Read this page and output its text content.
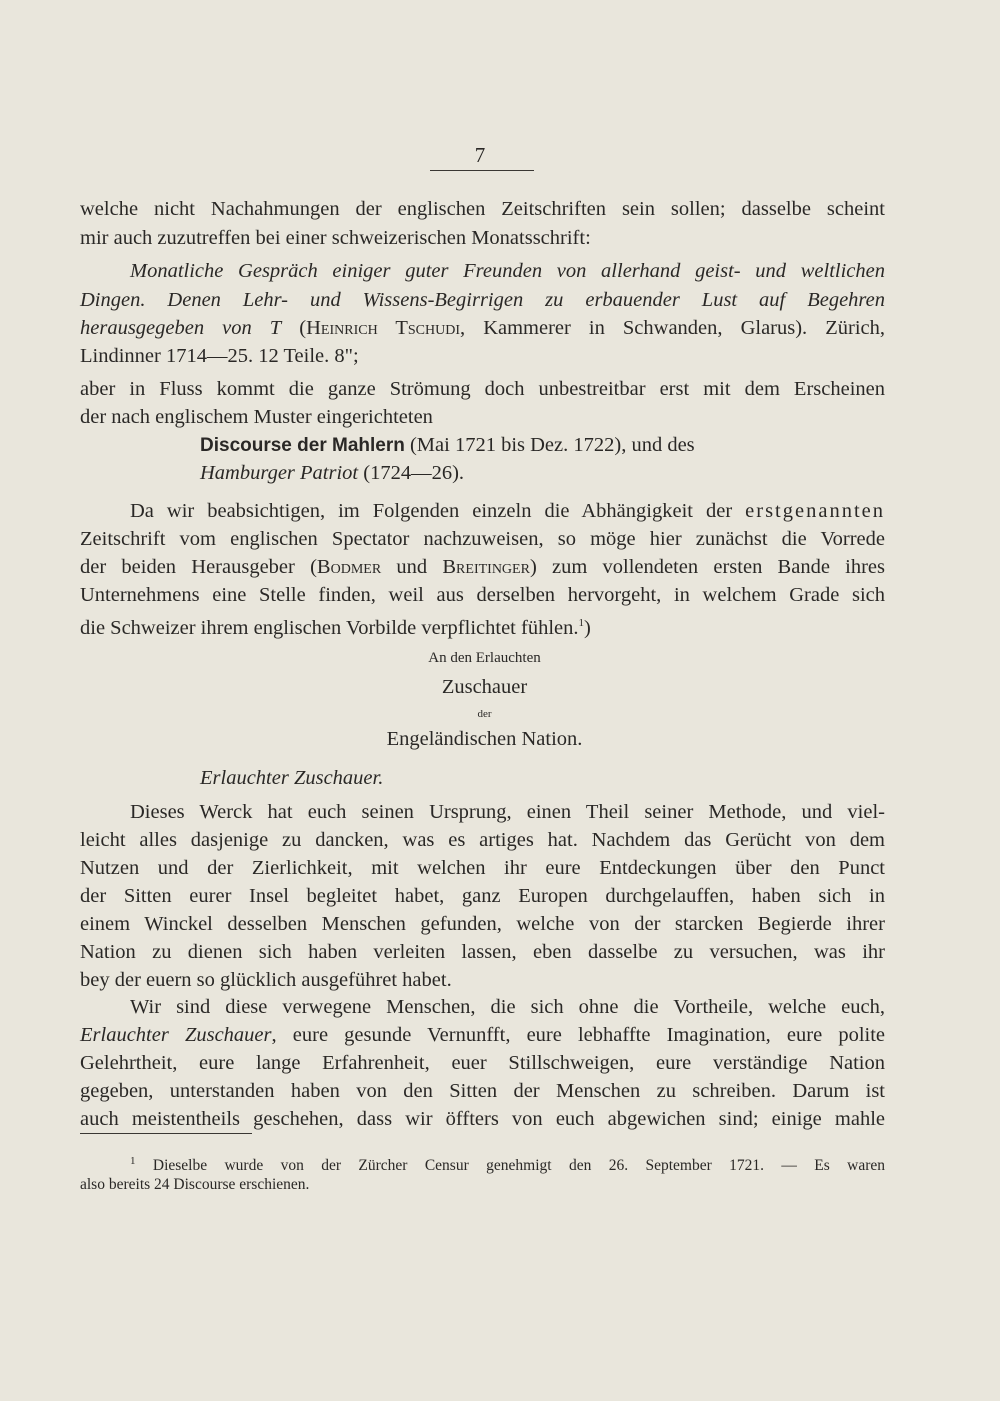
7

welche nicht Nachahmungen der englischen Zeitschriften sein sollen; dasselbe scheint

mir auch zuzutreffen bei einer schweizerischen Monatsschrift:

Monatliche Gespräch einiger guter Freunden von allerhand geist- und weltlichen

Dingen. Denen Lehr- und Wissens-Begirrigen zu erbauender Lust auf Begehren

herausgegeben von T (Heinrich Tschudi, Kammerer in Schwanden, Glarus). Zürich,

Lindinner 1714—25. 12 Teile. 8";

aber in Fluss kommt die ganze Strömung doch unbestreitbar erst mit dem Erscheinen

der nach englischem Muster eingerichteten

Discourse der Mahlern (Mai 1721 bis Dez. 1722), und des

Hamburger Patriot (1724—26).

Da wir beabsichtigen, im Folgenden einzeln die Abhängigkeit der erstgenannten

Zeitschrift vom englischen Spectator nachzuweisen, so möge hier zunächst die Vorrede

der beiden Herausgeber (Bodmer und Breitinger) zum vollendeten ersten Bande ihres

Unternehmens eine Stelle finden, weil aus derselben hervorgeht, in welchem Grade sich

die Schweizer ihrem englischen Vorbilde verpflichtet fühlen.$^1$)

An den Erlauchten

Zuschauer

der

Engeländischen Nation.

Erlauchter Zuschauer.

Dieses Werck hat euch seinen Ursprung, einen Theil seiner Methode, und viel-

leicht alles dasjenige zu dancken, was es artiges hat. Nachdem das Gerücht von dem

Nutzen und der Zierlichkeit, mit welchen ihr eure Entdeckungen über den Punct

der Sitten eurer Insel begleitet habet, ganz Europen durchgelauffen, haben sich in

einem Winckel desselben Menschen gefunden, welche von der starcken Begierde ihrer

Nation zu dienen sich haben verleiten lassen, eben dasselbe zu versuchen, was ihr

bey der euern so glücklich ausgeführet habet.

Wir sind diese verwegene Menschen, die sich ohne die Vortheile, welche euch,

Erlauchter Zuschauer, eure gesunde Vernunfft, eure lebhaffte Imagination, eure polite

Gelehrtheit, eure lange Erfahrenheit, euer Stillschweigen, eure verständige Nation

gegeben, unterstanden haben von den Sitten der Menschen zu schreiben. Darum ist

auch meistentheils geschehen, dass wir öffters von euch abgewichen sind; einige mahle

$^1$ Dieselbe wurde von der Zürcher Censur genehmigt den 26. September 1721. — Es waren

also bereits 24 Discourse erschienen.
